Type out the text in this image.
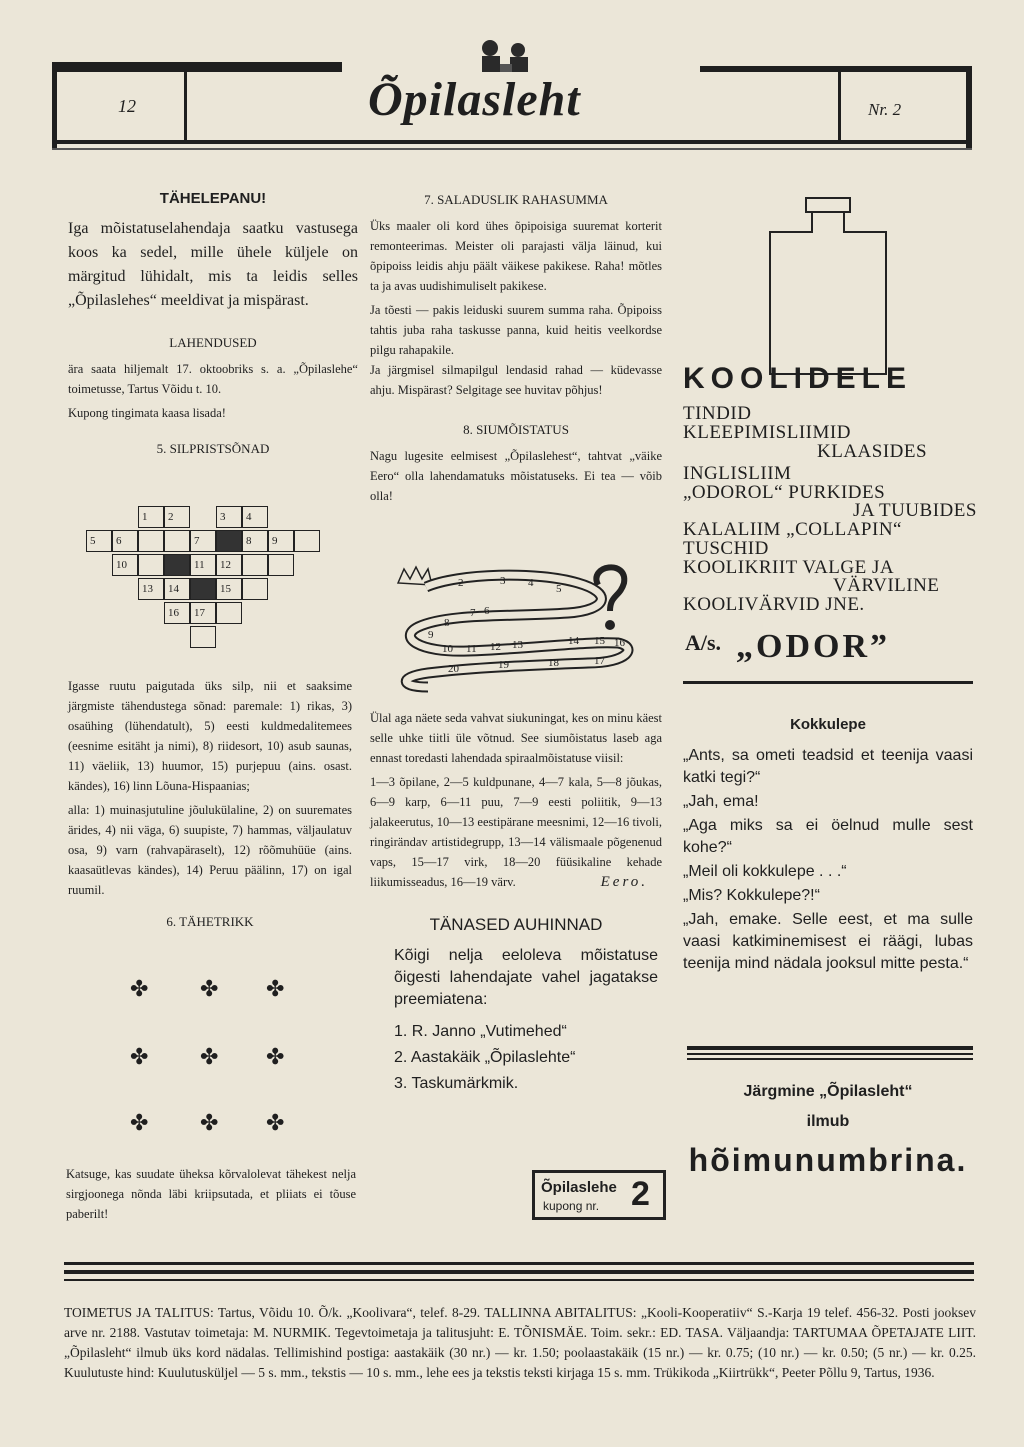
12	Õpilasleht	Nr. 2
TÄHELEPANU!

Iga mõistatuselahendaja saatku vastusega koos ka sedel, mille ühele küljele on märgitud lühidalt, mis ta leidis selles „Õpilaslehes“ meeldivat ja mispärast.

LAHENDUSED

ära saata hiljemalt 17. oktoobriks s. a. „Õpilaslehe“ toimetusse, Tartus Võidu t. 10.

Kupong tingimata kaasa lisada!

5. SILPRISTSÕNAD
1	2	3	4
5	6	7	8	9
10	11	12
13	14	15
16	17

Igasse ruutu paigutada üks silp, nii et saaksime järgmiste tähendustega sõnad: paremale: 1) rikas, 3) osaühing (lühendatult), 5) eesti kuldmedalitemees (eesnime esitäht ja nimi), 8) riidesort, 10) asub saunas, 11) väeliik, 13) huumor, 15) purjepuu (ains. osast. kändes), 16) linn Lõuna-Hispaanias;

alla: 1) muinasjutuline jõulukülaline, 2) on suuremates ärides, 4) nii väga, 6) suupiste, 7) hammas, väljaulatuv osa, 9) varn (rahvapäraselt), 12) rõõmuhüüe (ains. kaasaütlevas kändes), 14) Peruu päälinn, 17) on igal ruumil.

6. TÄHETRIKK
✤ ✤ ✤
✤ ✤ ✤
✤ ✤ ✤

Katsuge, kas suudate üheksa kõrvalolevat tähekest nelja sirgjoonega nõnda läbi kriipsutada, et pliiats ei tõuse paberilt!

7. SALADUSLIK RAHASUMMA

Üks maaler oli kord ühes õpipoisiga suuremat korterit remonteerimas. Meister oli parajasti välja läinud, kui õpipoiss leidis ahju päält väikese pakikese. Raha! mõtles ta ja avas uudishimuliselt pakikese.

Ja tõesti — pakis leiduski suurem summa raha. Õpipoiss tahtis juba raha taskusse panna, kuid heitis veelkordse pilgu rahapakile.

Ja järgmisel silmapilgul lendasid rahad — küdevasse ahju. Mispärast? Selgitage see huvitav põhjus!

8. SIUMÕISTATUS

Nagu lugesite eelmisest „Õpilaslehest“, tahtvat „väike Eero“ olla lahendamatuks mõistatuseks. Ei tea — võib olla!

2	3 4 5
6
7
8
9
10 11 12 13	14 15 16
17
18
19
20

Ülal aga näete seda vahvat siukuningat, kes on minu käest selle uhke tiitli üle võtnud. See siumõistatus laseb aga ennast toredasti lahendada spiraalmõistatuse viisil:

1—3 õpilane, 2—5 kuldpunane, 4—7 kala, 5—8 jõukas, 6—9 karp, 6—11 puu, 7—9 eesti poliitik, 9—13 jalakeerutus, 10—13 eestipärane meesnimi, 12—16 tivoli, ringirändav artistidegrupp, 13—14 välismaale põgenenud vaps, 15—17 virk, 18—20 füüsikaline kehade liikumisseadus, 16—19 värv.	Eero.
TÄNASED AUHINNAD

Kõigi nelja eeloleva mõistatuse õigesti lahendajate vahel jagatakse preemiatena:

1. R. Janno „Vutimehed“
2. Aastakäik „Õpilaslehte“
3. Taskumärkmik.
Õpilaslehe
kupong nr. 2
KOOLIDELE
TINDID
KLEEPIMISLIIMID
KLAASIDES
INGLISLIIM
„ODOROL“ PURKIDES
JA TUUBIDES
KALALIIM „COLLAPIN“
TUSCHID
KOOLIKRIIT VALGE JA
VÄRVILINE
KOOLIVÄRVID JNE.
A/s. „ODOR”
Kokkulepe

„Ants, sa ometi teadsid et teenija vaasi katki tegi?“

„Jah, ema!

„Aga miks sa ei öelnud mulle sest kohe?“

„Meil oli kokkulepe . . .“

„Mis? Kokkulepe?!“

„Jah, emake. Selle eest, et ma sulle vaasi katkiminemisest ei räägi, lubas teenija mind nädala jooksul mitte pesta.“

Järgmine „Õpilasleht“
ilmub
hõimunumbrina.
TOIMETUS JA TALITUS: Tartus, Võidu 10. Õ/k. „Koolivara“, telef. 8-29. TALLINNA ABITALITUS: „Kooli-Kooperatiiv“ S.-Karja 19 telef. 456-32. Posti jooksev arve nr. 2188. Vastutav toimetaja: M. NURMIK. Tegevtoimetaja ja talitusjuht: E. TÕNISMÄE. Toim. sekr.: ED. TASA. Väljaandja: TARTUMAA ÕPETAJATE LIIT. „Õpilasleht“ ilmub üks kord nädalas. Tellimishind postiga: aastakäik (30 nr.) — kr. 1.50; poolaastakäik (15 nr.) — kr. 0.75; (10 nr.) — kr. 0.50; (5 nr.) — kr. 0.25. Kuulutuste hind: Kuulutusküljel — 5 s. mm., tekstis — 10 s. mm., lehe ees ja tekstis teksti kirjaga 15 s. mm. Trükikoda „Kiirtrükk“, Peeter Põllu 9, Tartus, 1936.
